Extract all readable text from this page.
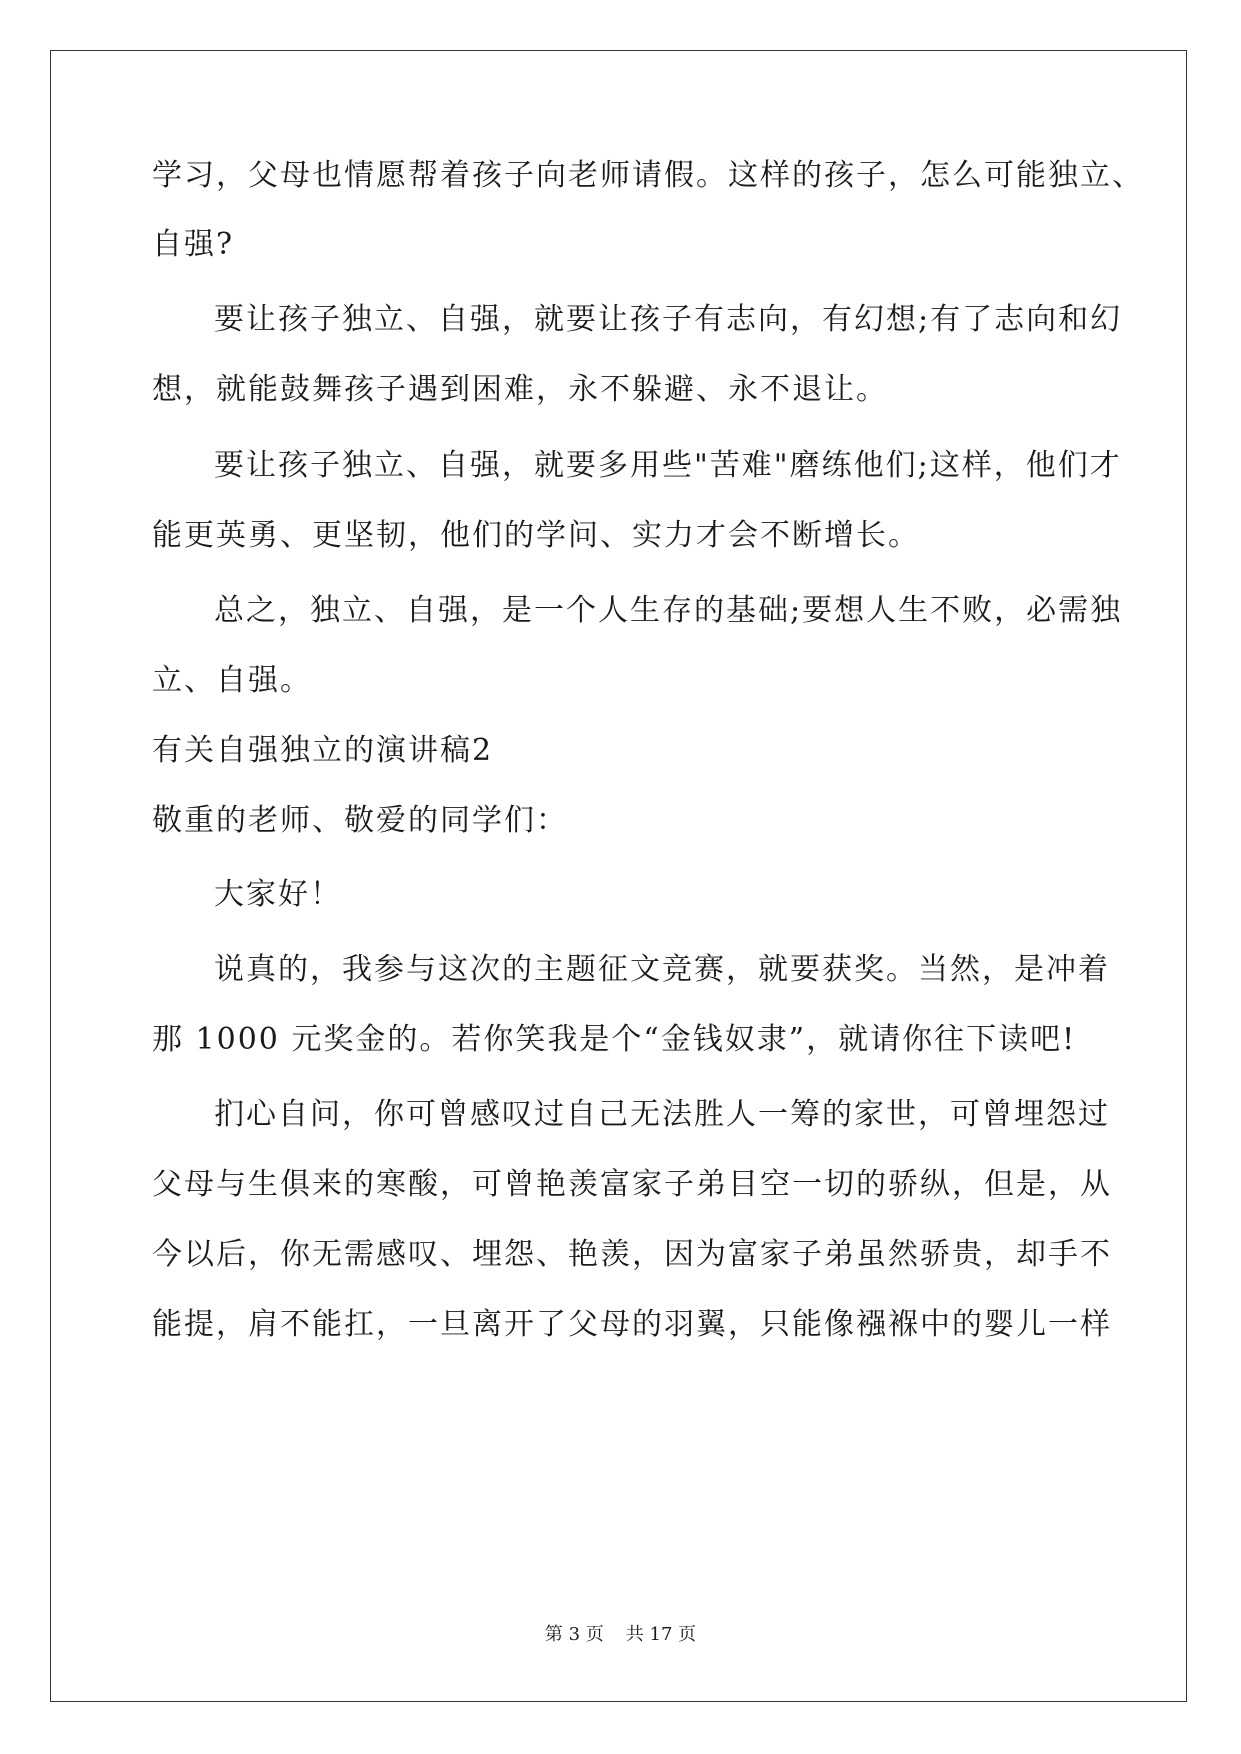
学习，父母也情愿帮着孩子向老师请假。这样的孩子，怎么可能独立、
自强?
要让孩子独立、自强，就要让孩子有志向，有幻想;有了志向和幻
想，就能鼓舞孩子遇到困难，永不躲避、永不退让。
要让孩子独立、自强，就要多用些"苦难"磨练他们;这样，他们才
能更英勇、更坚韧，他们的学问、实力才会不断增长。
总之，独立、自强，是一个人生存的基础;要想人生不败，必需独
立、自强。
有关自强独立的演讲稿2
敬重的老师、敬爱的同学们：
大家好！
说真的，我参与这次的主题征文竞赛，就要获奖。当然，是冲着
那 1000 元奖金的。若你笑我是个“金钱奴隶”，就请你往下读吧!
扪心自问，你可曾感叹过自己无法胜人一筹的家世，可曾埋怨过
父母与生俱来的寒酸，可曾艳羡富家子弟目空一切的骄纵，但是，从
今以后，你无需感叹、埋怨、艳羡，因为富家子弟虽然骄贵，却手不
能提，肩不能扛，一旦离开了父母的羽翼，只能像襁褓中的婴儿一样
第 3 页 共 17 页
